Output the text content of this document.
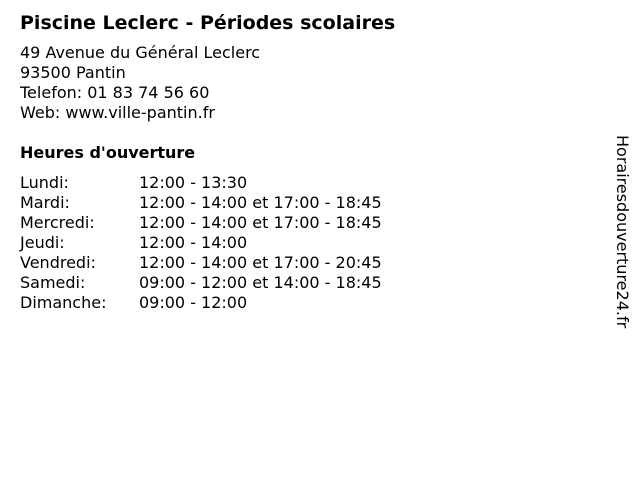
Piscine Leclerc - Périodes scolaires
49 Avenue du Général Leclerc
93500 Pantin
Telefon: 01 83 74 56 60
Web: www.ville-pantin.fr
Heures d'ouverture
Lundi:	12:00 - 13:30
Mardi:	12:00 - 14:00 et 17:00 - 18:45
Mercredi:	12:00 - 14:00 et 17:00 - 18:45
Jeudi:	12:00 - 14:00
Vendredi:	12:00 - 14:00 et 17:00 - 20:45
Samedi:	09:00 - 12:00 et 14:00 - 18:45
Dimanche:	09:00 - 12:00	Horairesdouverture24.fr
